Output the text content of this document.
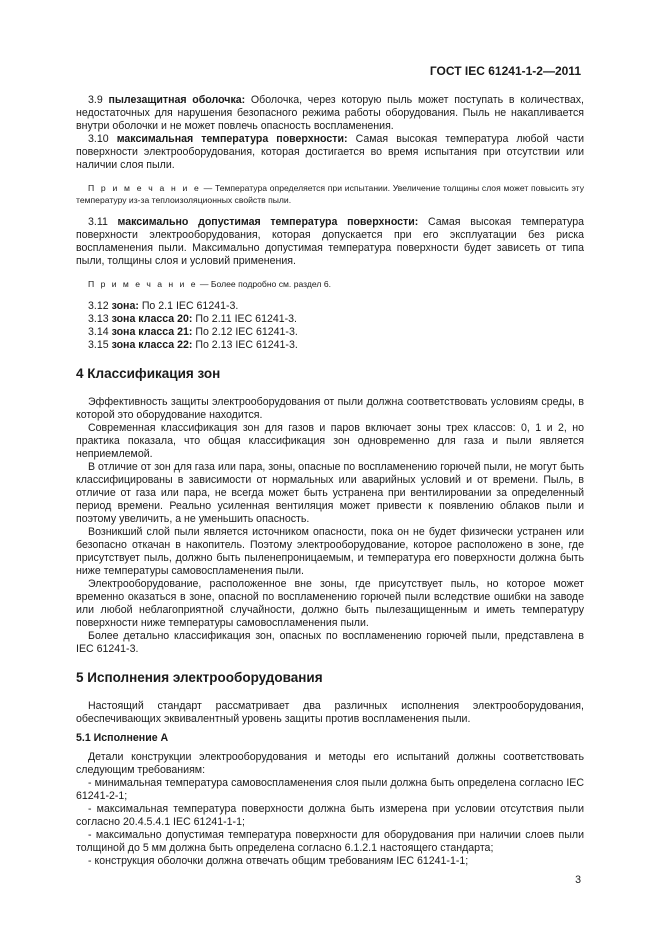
ГОСТ IEC 61241-1-2—2011

3.9 пылезащитная оболочка: Оболочка, через которую пыль может поступать в количествах, недостаточных для нарушения безопасного режима работы оборудования. Пыль не накапливается внутри оболочки и не может повлечь опасность воспламенения.

3.10 максимальная температура поверхности: Самая высокая температура любой части поверхности электрооборудования, которая достигается во время испытания при отсутствии или наличии слоя пыли.

П р и м е ч а н и е — Температура определяется при испытании. Увеличение толщины слоя может повысить эту температуру из-за теплоизоляционных свойств пыли.

3.11 максимально допустимая температура поверхности: Самая высокая температура поверхности электрооборудования, которая допускается при его эксплуатации без риска воспламенения пыли. Максимально допустимая температура поверхности будет зависеть от типа пыли, толщины слоя и условий применения.

П р и м е ч а н и е — Более подробно см. раздел 6.

3.12 зона: По 2.1 IEC 61241-3.

3.13 зона класса 20: По 2.11 IEC 61241-3.

3.14 зона класса 21: По 2.12 IEC 61241-3.

3.15 зона класса 22: По 2.13 IEC 61241-3.

4 Классификация зон

Эффективность защиты электрооборудования от пыли должна соответствовать условиям среды, в которой это оборудование находится.

Современная классификация зон для газов и паров включает зоны трех классов: 0, 1 и 2, но практика показала, что общая классификация зон одновременно для газа и пыли является неприемлемой.

В отличие от зон для газа или пара, зоны, опасные по воспламенению горючей пыли, не могут быть классифицированы в зависимости от нормальных или аварийных условий и от времени. Пыль, в отличие от газа или пара, не всегда может быть устранена при вентилировании за определенный период времени. Реально усиленная вентиляция может привести к появлению облаков пыли и поэтому увеличить, а не уменьшить опасность.

Возникший слой пыли является источником опасности, пока он не будет физически устранен или безопасно откачан в накопитель. Поэтому электрооборудование, которое расположено в зоне, где присутствует пыль, должно быть пыленепроницаемым, и температура его поверхности должна быть ниже температуры самовоспламенения пыли.

Электрооборудование, расположенное вне зоны, где присутствует пыль, но которое может временно оказаться в зоне, опасной по воспламенению горючей пыли вследствие ошибки на заводе или любой неблагоприятной случайности, должно быть пылезащищенным и иметь температуру поверхности ниже температуры самовоспламенения пыли.

Более детально классификация зон, опасных по воспламенению горючей пыли, представлена в IEC 61241-3.

5 Исполнения электрооборудования

Настоящий стандарт рассматривает два различных исполнения электрооборудования, обеспечивающих эквивалентный уровень защиты против воспламенения пыли.

5.1 Исполнение А

Детали конструкции электрооборудования и методы его испытаний должны соответствовать следующим требованиям:

- минимальная температура самовоспламенения слоя пыли должна быть определена согласно IEC 61241-2-1;

- максимальная температура поверхности должна быть измерена при условии отсутствия пыли согласно 20.4.5.4.1 IEC 61241-1-1;

- максимально допустимая температура поверхности для оборудования при наличии слоев пыли толщиной до 5 мм должна быть определена согласно 6.1.2.1 настоящего стандарта;

- конструкция оболочки должна отвечать общим требованиям IEC 61241-1-1;

3
